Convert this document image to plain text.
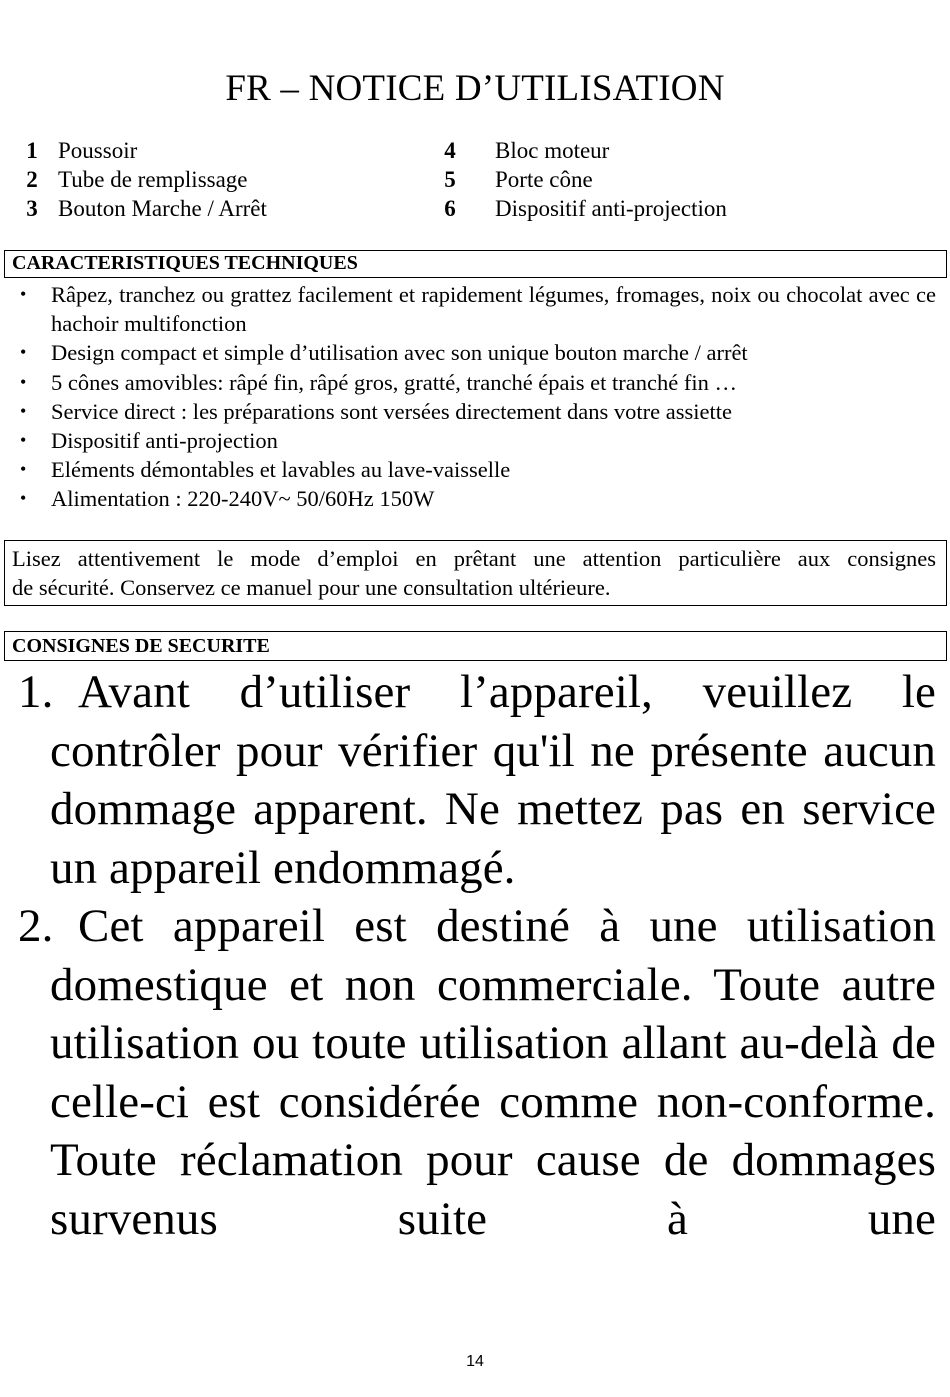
FR – NOTICE D’UTILISATION
1 Poussoir
2 Tube de remplissage
3 Bouton Marche / Arrêt
4 Bloc moteur
5 Porte cône
6 Dispositif anti-projection
CARACTERISTIQUES TECHNIQUES
• Râpez, tranchez ou grattez facilement et rapidement légumes, fromages, noix ou chocolat avec ce hachoir multifonction
• Design compact et simple d’utilisation avec son unique bouton marche / arrêt
• 5 cônes amovibles: râpé fin, râpé gros, gratté, tranché épais et tranché fin …
• Service direct : les préparations sont versées directement dans votre assiette
• Dispositif anti-projection
• Eléments démontables et lavables au lave-vaisselle
• Alimentation : 220-240V~ 50/60Hz 150W
Lisez attentivement le mode d’emploi en prêtant une attention particulière aux consignes
de sécurité. Conservez ce manuel pour une consultation ultérieure.
CONSIGNES DE SECURITE
1. Avant d’utiliser l’appareil, veuillez le contrôler pour vérifier qu'il ne présente aucun dommage apparent. Ne mettez pas en service un appareil endommagé.
2. Cet appareil est destiné à une utilisation domestique et non commerciale. Toute autre utilisation ou toute utilisation allant au-delà de celle-ci est considérée comme non-conforme. Toute réclamation pour cause de dommages survenus suite à une
14
